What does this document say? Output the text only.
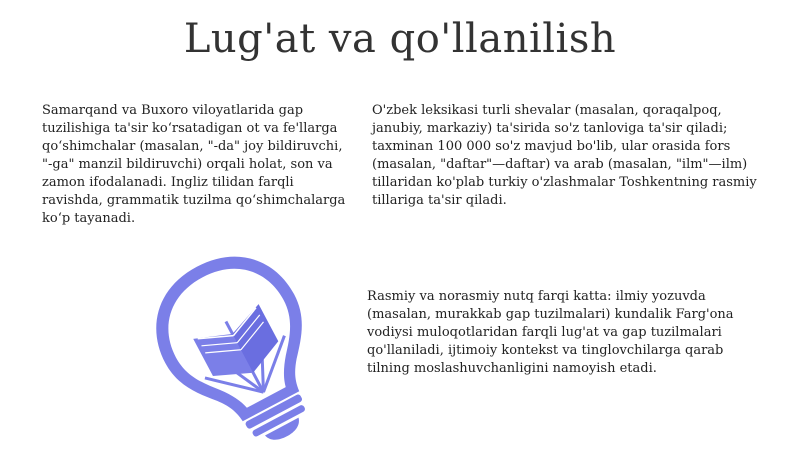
Lug'at va qo'llanilish

Samarqand va Buxoro viloyatlarida gap tuzilishiga ta'sir ko‘rsatadigan ot va fe'llarga qo‘shimchalar (masalan, "-da" joy bildiruvchi, "-ga" manzil bildiruvchi) orqali holat, son va zamon ifodalanadi. Ingliz tilidan farqli ravishda, grammatik tuzilma qo‘shimchalarga ko‘p tayanadi.

O'zbek leksikasi turli shevalar (masalan, qoraqalpoq, janubiy, markaziy) ta'sirida so'z tanloviga ta'sir qiladi; taxminan 100 000 so'z mavjud bo'lib, ular orasida fors (masalan, "daftar"—daftar) va arab (masalan, "ilm"—ilm) tillaridan ko'plab turkiy o'zlashmalar Toshkentning rasmiy tillariga ta'sir qiladi.

Rasmiy va norasmiy nutq farqi katta: ilmiy yozuvda (masalan, murakkab gap tuzilmalari) kundalik Farg'ona vodiysi muloqotlaridan farqli lug'at va gap tuzilmalari qo'llaniladi, ijtimoiy kontekst va tinglovchilarga qarab tilning moslashuvchanligini namoyish etadi.
